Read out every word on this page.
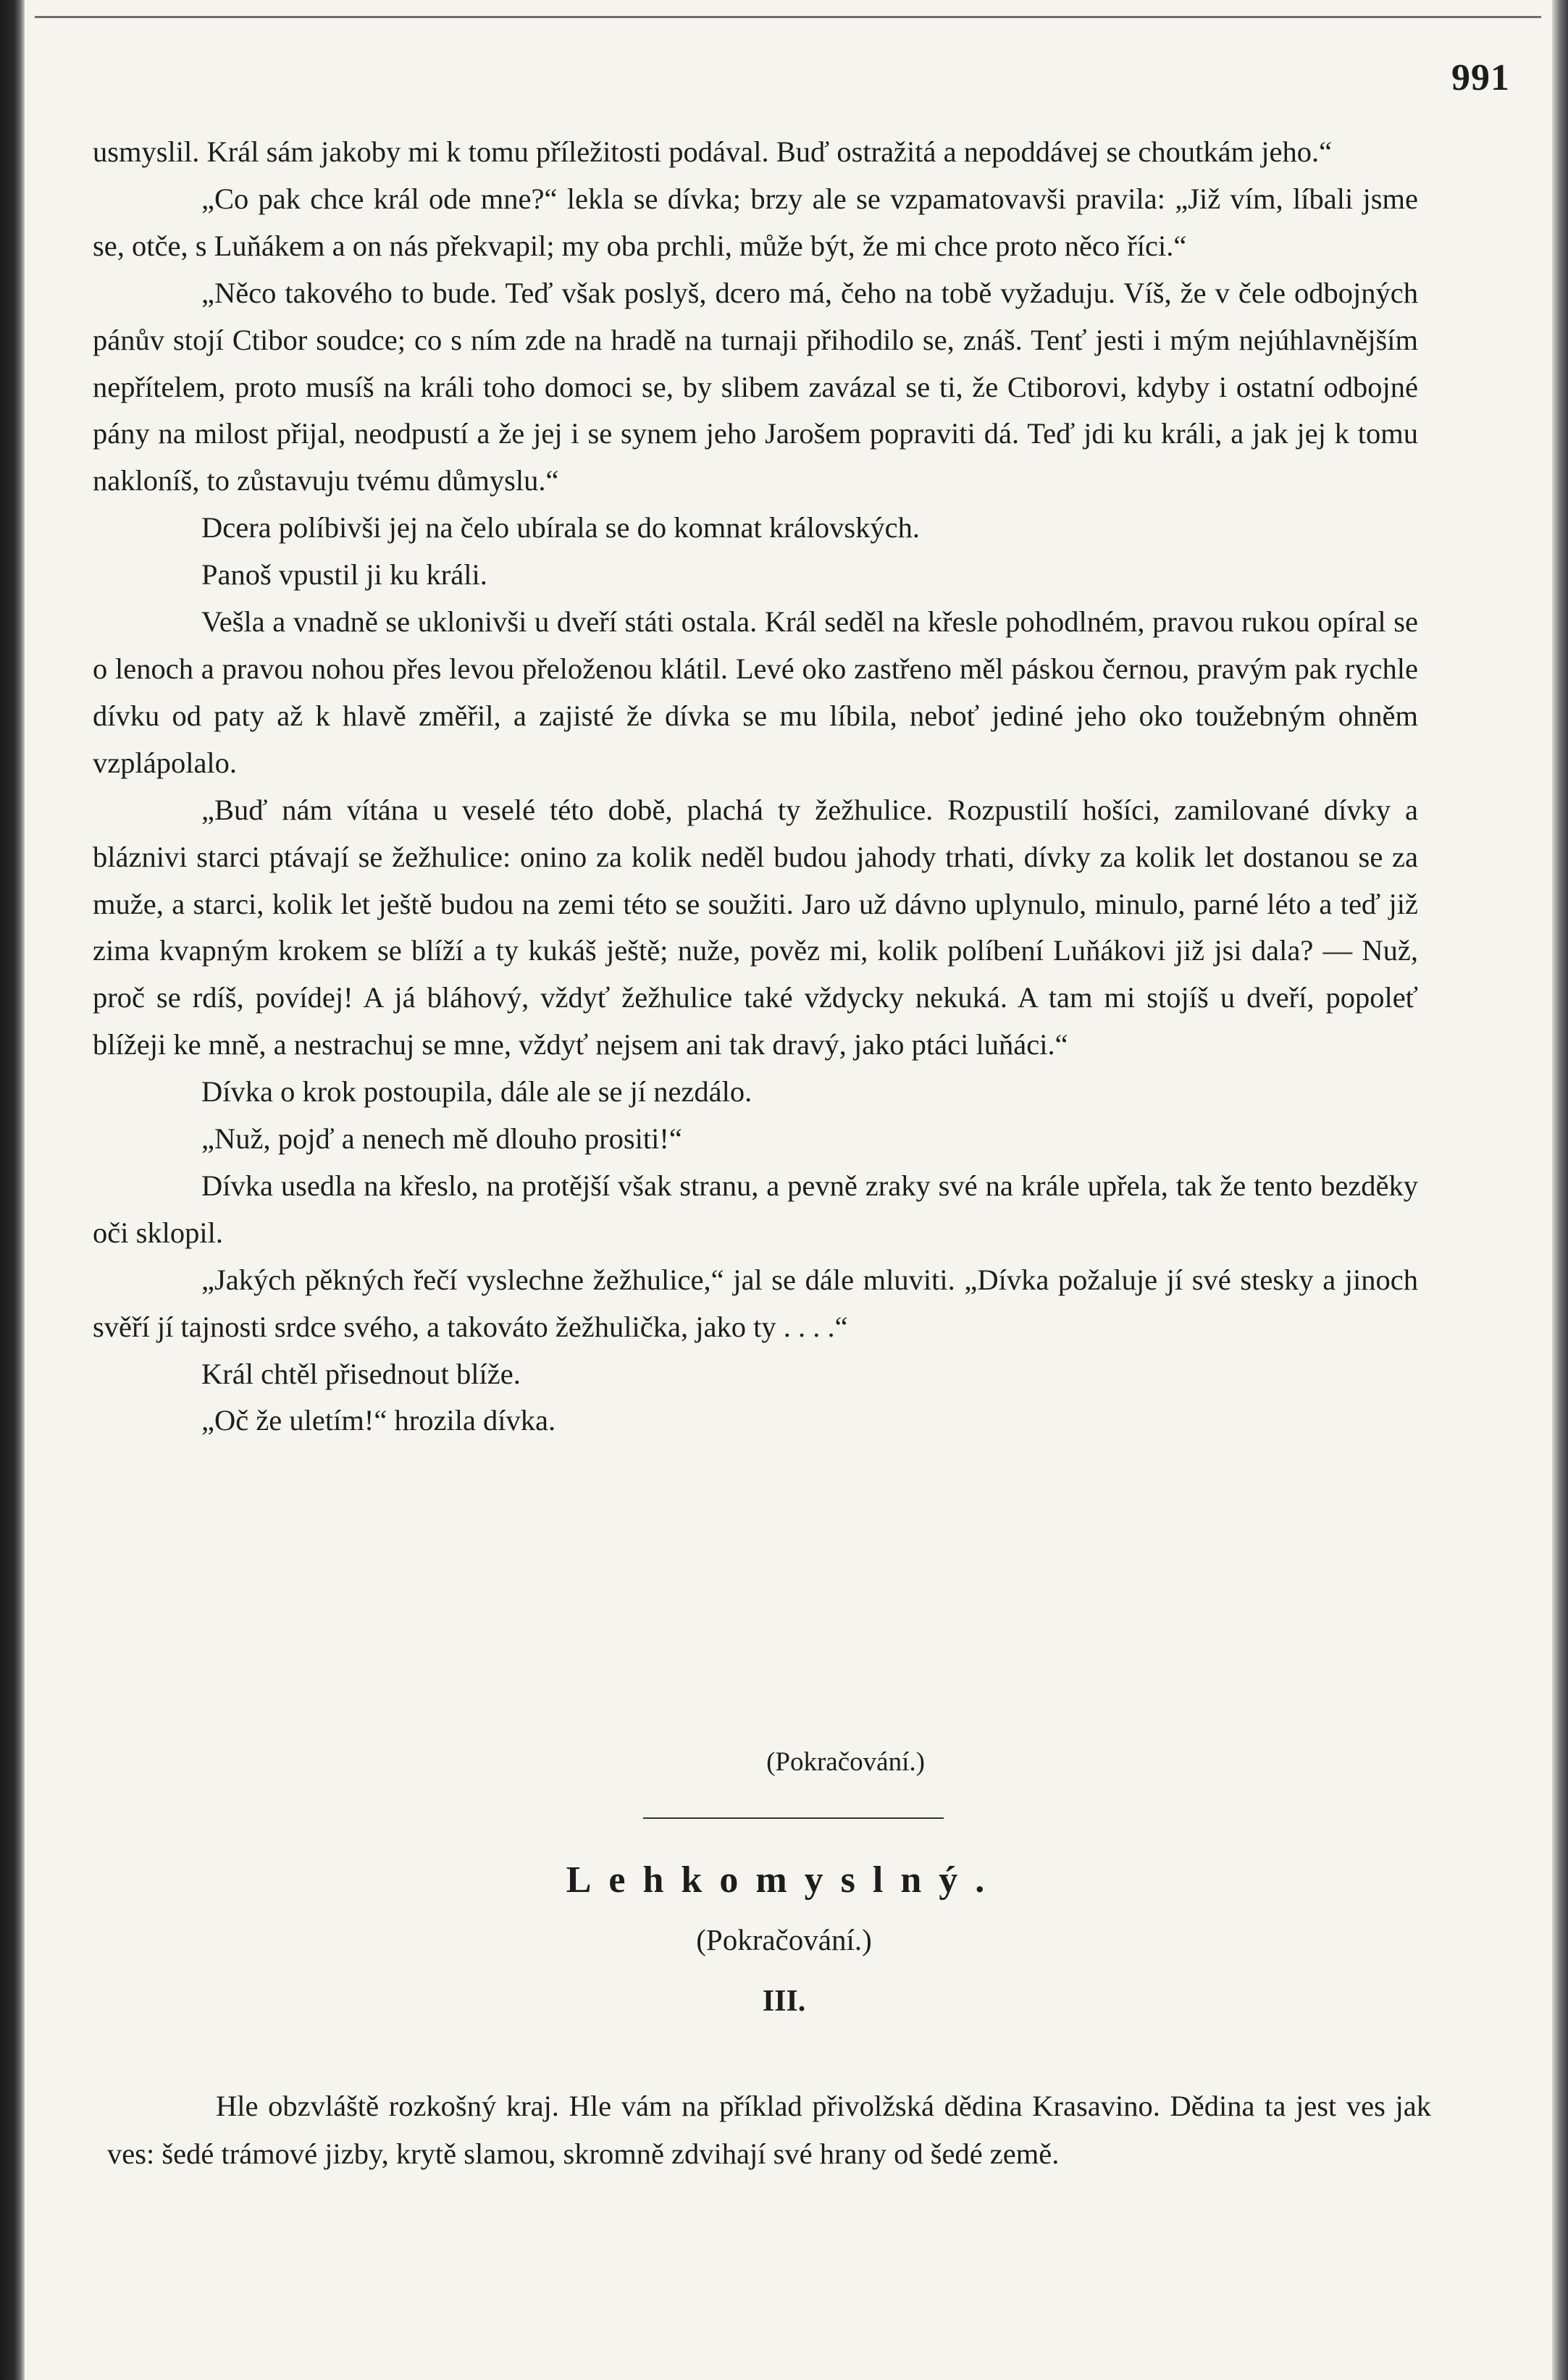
991

usmyslil. Král sám jakoby mi k tomu příležitosti podával. Buď ostražitá a nepoddávej se choutkám jeho.“

„Co pak chce král ode mne?“ lekla se dívka; brzy ale se vzpamatovavši pravila: „Již vím, líbali jsme se, otče, s Luňákem a on nás překvapil; my oba prchli, může být, že mi chce proto něco říci.“

„Něco takového to bude. Teď však poslyš, dcero má, čeho na tobě vyžaduju. Víš, že v čele odbojných pánův stojí Ctibor soudce; co s ním zde na hradě na turnaji přihodilo se, znáš. Tenť jesti i mým nejúhlavnějším nepřítelem, proto musíš na králi toho domoci se, by slibem zavázal se ti, že Ctiborovi, kdyby i ostatní odbojné pány na milost přijal, neodpustí a že jej i se synem jeho Jarošem popraviti dá. Teď jdi ku králi, a jak jej k tomu nakloníš, to zůstavuju tvému důmyslu.“

Dcera políbivši jej na čelo ubírala se do komnat královských.

Panoš vpustil ji ku králi.

Vešla a vnadně se uklonivši u dveří státi ostala. Král seděl na křesle pohodlném, pravou rukou opíral se o lenoch a pravou nohou přes levou přeloženou klátil. Levé oko zastřeno měl páskou černou, pravým pak rychle dívku od paty až k hlavě změřil, a zajisté že dívka se mu líbila, neboť jediné jeho oko toužebným ohněm vzplápolalo.

„Buď nám vítána u veselé této době, plachá ty žežhulice. Rozpustilí hošíci, zamilované dívky a bláznivi starci ptávají se žežhulice: onino za kolik neděl budou jahody trhati, dívky za kolik let dostanou se za muže, a starci, kolik let ještě budou na zemi této se soužiti. Jaro už dávno uplynulo, minulo, parné léto a teď již zima kvapným krokem se blíží a ty kukáš ještě; nuže, pověz mi, kolik políbení Luňákovi již jsi dala? — Nuž, proč se rdíš, povídej! A já bláhový, vždyť žežhulice také vždycky nekuká. A tam mi stojíš u dveří, popoleť blížeji ke mně, a nestrachuj se mne, vždyť nejsem ani tak dravý, jako ptáci luňáci.“

Dívka o krok postoupila, dále ale se jí nezdálo.

„Nuž, pojď a nenech mě dlouho prositi!“

Dívka usedla na křeslo, na protější však stranu, a pevně zraky své na krále upřela, tak že tento bezděky oči sklopil.

„Jakých pěkných řečí vyslechne žežhulice,“ jal se dále mluviti. „Dívka požaluje jí své stesky a jinoch svěří jí tajnosti srdce svého, a takováto žežhulička, jako ty . . . .“

Král chtěl přisednout blíže.

„Oč že uletím!“ hrozila dívka.

(Pokračování.)
Lehkomyslný.
(Pokračování.)
III.

Hle obzvláště rozkošný kraj. Hle vám na příklad přivolžská dědina Krasavino. Dědina ta jest ves jak ves: šedé trámové jizby, krytě slamou, skromně zdvihají své hrany od šedé země.
